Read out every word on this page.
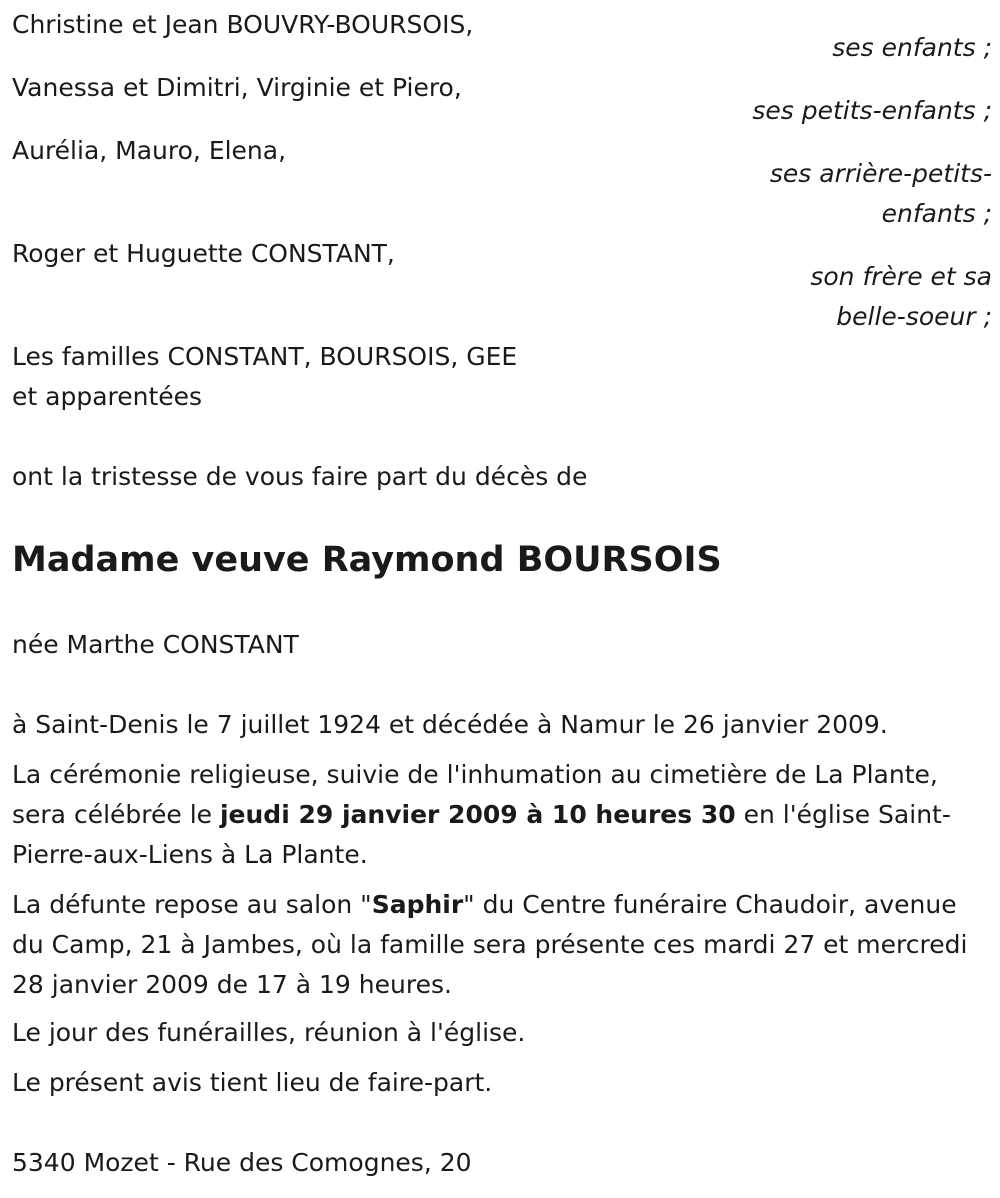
Christine et Jean BOUVRY-BOURSOIS,
ses enfants ;
Vanessa et Dimitri, Virginie et Piero,
ses petits-enfants ;
Aurélia, Mauro, Elena,
ses arrière-petits-
enfants ;
Roger et Huguette CONSTANT,
son frère et sa
belle-soeur ;
Les familles CONSTANT, BOURSOIS, GEE
et apparentées
ont la tristesse de vous faire part du décès de
Madame veuve Raymond BOURSOIS
née Marthe CONSTANT
à Saint-Denis le 7 juillet 1924 et décédée à Namur le 26 janvier 2009.
La cérémonie religieuse, suivie de l'inhumation au cimetière de La Plante, sera célébrée le jeudi 29 janvier 2009 à 10 heures 30 en l'église Saint-Pierre-aux-Liens à La Plante.
La défunte repose au salon "Saphir" du Centre funéraire Chaudoir, avenue du Camp, 21 à Jambes, où la famille sera présente ces mardi 27 et mercredi 28 janvier 2009 de 17 à 19 heures.
Le jour des funérailles, réunion à l'église.
Le présent avis tient lieu de faire-part.
5340 Mozet - Rue des Comognes, 20
